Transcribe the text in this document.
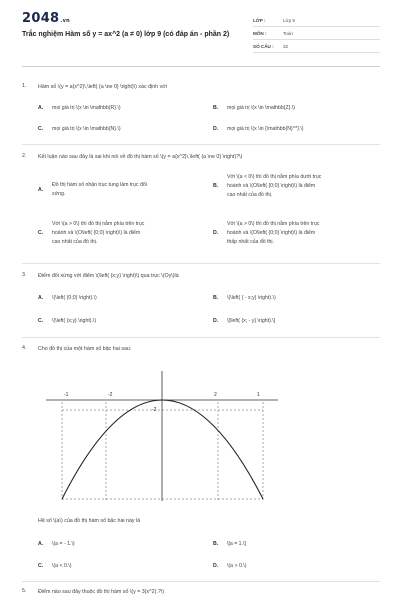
2048.vn
Trắc nghiệm Hàm số y = ax^2 (a ≠ 0) lớp 9 (có đáp án - phần 2)
LỚP :	Lớp 9
MÔN :	Toán
SỐ CÂU :	32
1. Hàm số \(y = a{x^2}\,\left( {a \ne 0} \right)\) xác định với
A. mọi giá trị \(x \in \mathbb{R}.\)	B. mọi giá trị \(x \in \mathbb{Z}.\)
C. mọi giá trị \(x \in \mathbb{N}.\)	D. mọi giá trị \(x \in {\mathbb{N}^*}.\)
2. Kết luận nào sau đây là sai khi nói về đồ thị hàm số \(y = a{x^2}\,\left( {a \ne 0} \right)?\)
A.
Đồ thị hàm số nhận trục tung làm trục đối
xứng.
B.
Với \(a < 0\) thì đồ thị nằm phía dưới trục
hoành và \(O\left( {0;0} \right)\) là điểm
cao nhất của đồ thị.
C.
Với \(a > 0\) thì đồ thị nằm phía trên trục
hoành và \(O\left( {0;0} \right)\) là điểm
cao nhất của đồ thị.
D.
Với \(a > 0\) thì đồ thị nằm phía trên trục
hoành và \(O\left( {0;0} \right)\) là điểm
thấp nhất của đồ thị.
3. Điểm đối xứng với điểm \(\left( {x;y} \right)\) qua trục \(Oy\)là
A. \(\left( {0;0} \right).\)	B. \(\left( { - x;y} \right).\)
C. \(\left( {x;y} \right).\)	D. \[\left( {x; - y} \right).\]
4. Cho đồ thị của một hàm số bậc hai sau:
-1	-2
-2
2	1
Hệ số \(a\) của đồ thị hàm số bậc hai này là
A. \(a = - 1.\)	B. \[a = 1.\]
C. \(a < 0.\)	D. \(a > 0.\)
5. Điểm nào sau đây thuộc đồ thị hàm số \(y = 3{x^2}.?\)
